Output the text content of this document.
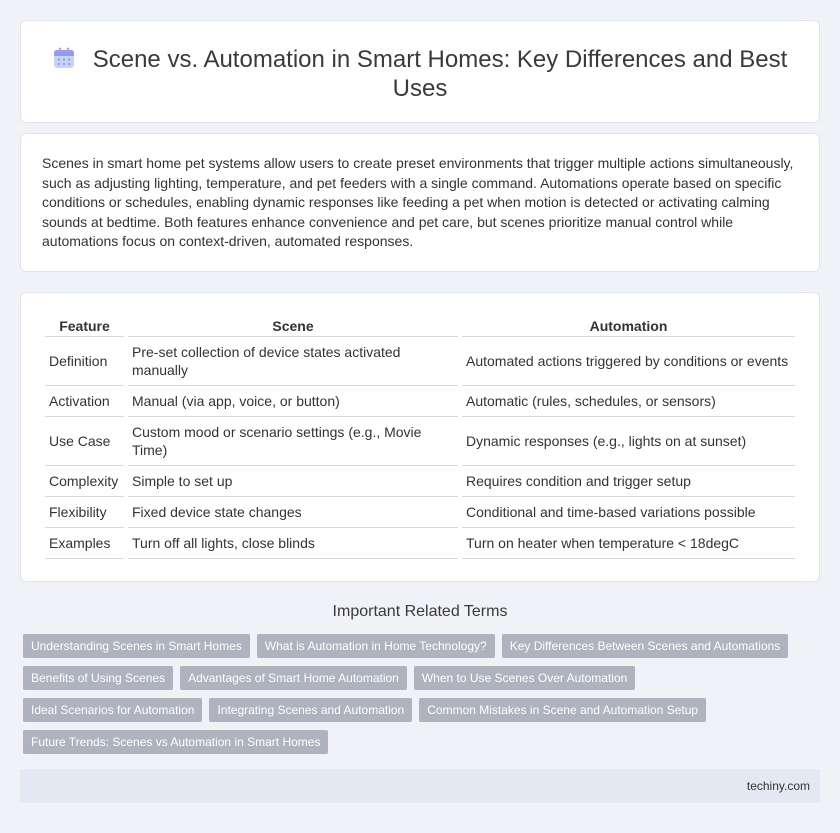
Scene vs. Automation in Smart Homes: Key Differences and Best Uses

Scenes in smart home pet systems allow users to create preset environments that trigger multiple actions simultaneously, such as adjusting lighting, temperature, and pet feeders with a single command. Automations operate based on specific conditions or schedules, enabling dynamic responses like feeding a pet when motion is detected or activating calming sounds at bedtime. Both features enhance convenience and pet care, but scenes prioritize manual control while automations focus on context-driven, automated responses.

Feature	Scene	Automation
Definition	Pre-set collection of device states activated manually	Automated actions triggered by conditions or events
Activation	Manual (via app, voice, or button)	Automatic (rules, schedules, or sensors)
Use Case	Custom mood or scenario settings (e.g., Movie Time)	Dynamic responses (e.g., lights on at sunset)
Complexity	Simple to set up	Requires condition and trigger setup
Flexibility	Fixed device state changes	Conditional and time-based variations possible
Examples	Turn off all lights, close blinds	Turn on heater when temperature < 18degC
Important Related Terms
Understanding Scenes in Smart Homes	What is Automation in Home Technology?	Key Differences Between Scenes and Automations
Benefits of Using Scenes	Advantages of Smart Home Automation	When to Use Scenes Over Automation
Ideal Scenarios for Automation	Integrating Scenes and Automation	Common Mistakes in Scene and Automation Setup
Future Trends: Scenes vs Automation in Smart Homes
techiny.com
